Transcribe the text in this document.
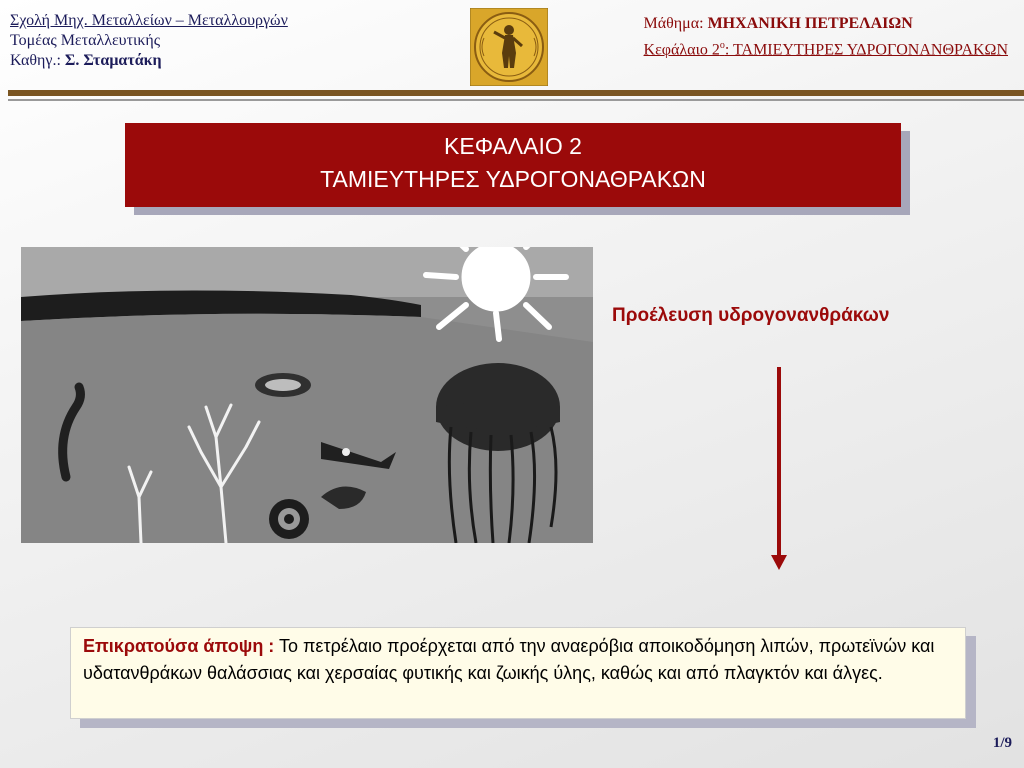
Σχολή Μηχ. Μεταλλείων – Μεταλλουργών
Τομέας Μεταλλευτικής
Καθηγ.: Σ. Σταματάκη
Μάθημα: ΜΗΧΑΝΙΚΗ ΠΕΤΡΕΛΑΙΩΝ
Κεφάλαιο $2^o$: ΤΑΜΙΕΥΤΗΡΕΣ ΥΔΡΟΓΟΝΑΝΘΡΑΚΩΝ
ΚΕΦΑΛΑΙΟ 2
ΤΑΜΙΕΥΤΗΡΕΣ ΥΔΡΟΓΟΝΑΘΡΑΚΩΝ
Προέλευση υδρογονανθράκων
Επικρατούσα άποψη : Το πετρέλαιο προέρχεται από την αναερόβια αποικοδόμηση λιπών, πρωτεϊνών και υδατανθράκων θαλάσσιας και χερσαίας φυτικής και ζωικής ύλης, καθώς και από πλαγκτόν και άλγες.
1/9
